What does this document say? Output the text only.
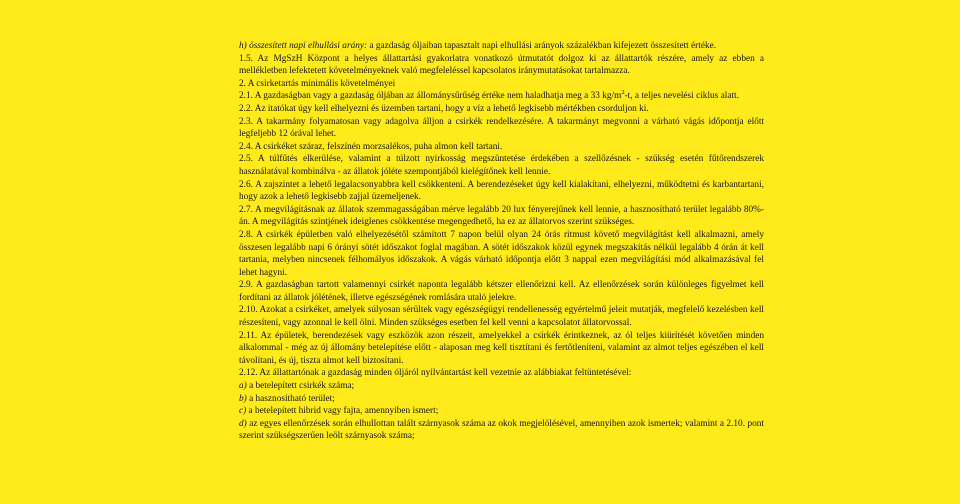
h) összesített napi elhullási arány: a gazdaság óljaiban tapasztalt napi elhullási arányok százalékban kifejezett összesített értéke.

1.5. Az MgSzH Központ a helyes állattartási gyakorlatra vonatkozó útmutatót dolgoz ki az állattartók részére, amely az ebben a mellékletben lefektetett követelményeknek való megfeleléssel kapcsolatos iránymutatásokat tartalmazza.

2. A csirketartás minimális követelményei

2.1. A gazdaságban vagy a gazdaság óljában az állománysűrűség értéke nem haladhatja meg a 33 $kg/m^2-t$, a teljes nevelési ciklus alatt.

2.2. Az itatókat úgy kell elhelyezni és üzemben tartani, hogy a víz a lehető legkisebb mértékben csorduljon ki.

2.3. A takarmány folyamatosan vagy adagolva álljon a csirkék rendelkezésére. A takarmányt megvonni a várható vágás időpontja előtt legfeljebb 12 órával lehet.

2.4. A csirkéket száraz, felszínén morzsalékos, puha almon kell tartani.

2.5. A túlfűtés elkerülése, valamint a túlzott nyirkosság megszüntetése érdekében a szellőzésnek - szükség esetén fűtőrendszerek használatával kombinálva - az állatok jóléte szempontjából kielégítőnek kell lennie.

2.6. A zajszintet a lehető legalacsonyabbra kell csökkenteni. A berendezéseket úgy kell kialakítani, elhelyezni, működtetni és karbantartani, hogy azok a lehető legkisebb zajjal üzemeljenek.

2.7. A megvilágításnak az állatok szemmagasságában mérve legalább 20 lux fényerejűnek kell lennie, a hasznosítható terület legalább 80%-án. A megvilágítás szintjének ideiglenes csökkentése megengedhető, ha ez az állatorvos szerint szükséges.

2.8. A csirkék épületben való elhelyezésétől számított 7 napon belül olyan 24 órás ritmust követő megvilágítást kell alkalmazni, amely összesen legalább napi 6 órányi sötét időszakot foglal magában. A sötét időszakok közül egynek megszakítás nélkül legalább 4 órán át kell tartania, melyben nincsenek félhomályos időszakok. A vágás várható időpontja előtt 3 nappal ezen megvilágítási mód alkalmazásával fel lehet hagyni.

2.9. A gazdaságban tartott valamennyi csirkét naponta legalább kétszer ellenőrizni kell. Az ellenőrzések során különleges figyelmet kell fordítani az állatok jólétének, illetve egészségének romlására utaló jelekre.

2.10. Azokat a csirkéket, amelyek súlyosan sérültek vagy egészségügyi rendellenesség egyértelmű jeleit mutatják, megfelelő kezelésben kell részesíteni, vagy azonnal le kell ölni. Minden szükséges esetben fel kell venni a kapcsolatot állatorvossal.

2.11. Az épületek, berendezések vagy eszközök azon részeit, amelyekkel a csirkék érintkeznek, az ól teljes kiürítését követően minden alkalommal - még az új állomány betelepítése előtt - alaposan meg kell tisztítani és fertőtleníteni, valamint az almot teljes egészében el kell távolítani, és új, tiszta almot kell biztosítani.

2.12. Az állattartónak a gazdaság minden óljáról nyilvántartást kell vezetnie az alábbiakat feltüntetésével:

a) a betelepített csirkék száma;

b) a hasznosítható terület;

c) a betelepített hibrid vagy fajta, amennyiben ismert;

d) az egyes ellenőrzések során elhullottan talált szárnyasok száma az okok megjelölésével, amennyiben azok ismertek; valamint a 2.10. pont szerint szükségszerűen leölt szárnyasok száma;
